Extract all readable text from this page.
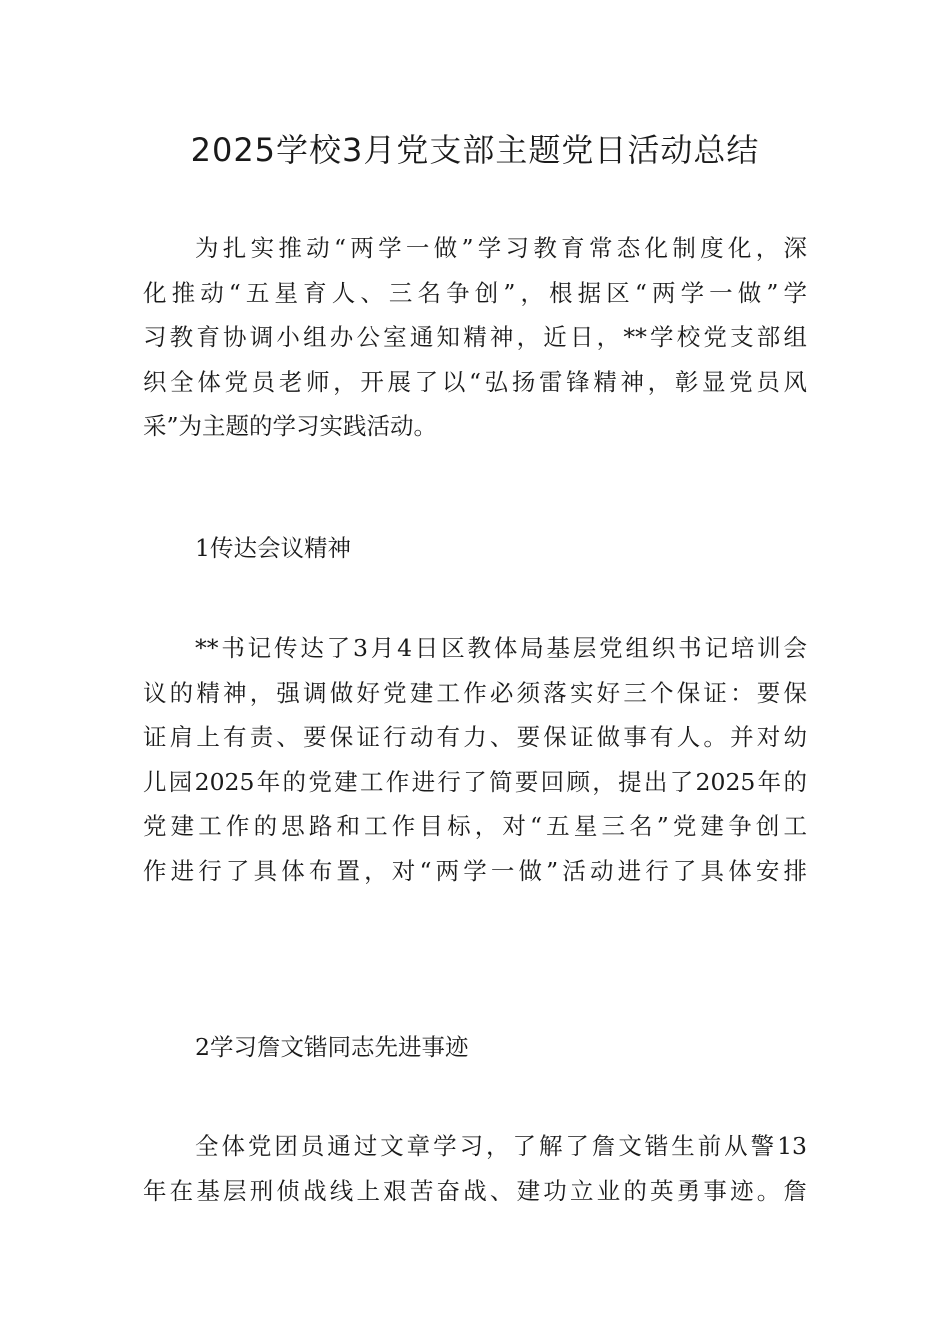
2025学校3月党支部主题党日活动总结
为扎实推动“两学一做”学习教育常态化制度化，深
化推动“五星育人、三名争创”，根据区“两学一做”学
习教育协调小组办公室通知精神，近日，**学校党支部组
织全体党员老师，开展了以“弘扬雷锋精神，彰显党员风
采”为主题的学习实践活动。
1传达会议精神
**书记传达了3月4日区教体局基层党组织书记培训会
议的精神，强调做好党建工作必须落实好三个保证：要保
证肩上有责、要保证行动有力、要保证做事有人。并对幼
儿园2025年的党建工作进行了简要回顾，提出了2025年的
党建工作的思路和工作目标，对“五星三名”党建争创工
作进行了具体布置，对“两学一做”活动进行了具体安排
2学习詹文锴同志先进事迹
全体党团员通过文章学习，了解了詹文锴生前从警13
年在基层刑侦战线上艰苦奋战、建功立业的英勇事迹。詹
